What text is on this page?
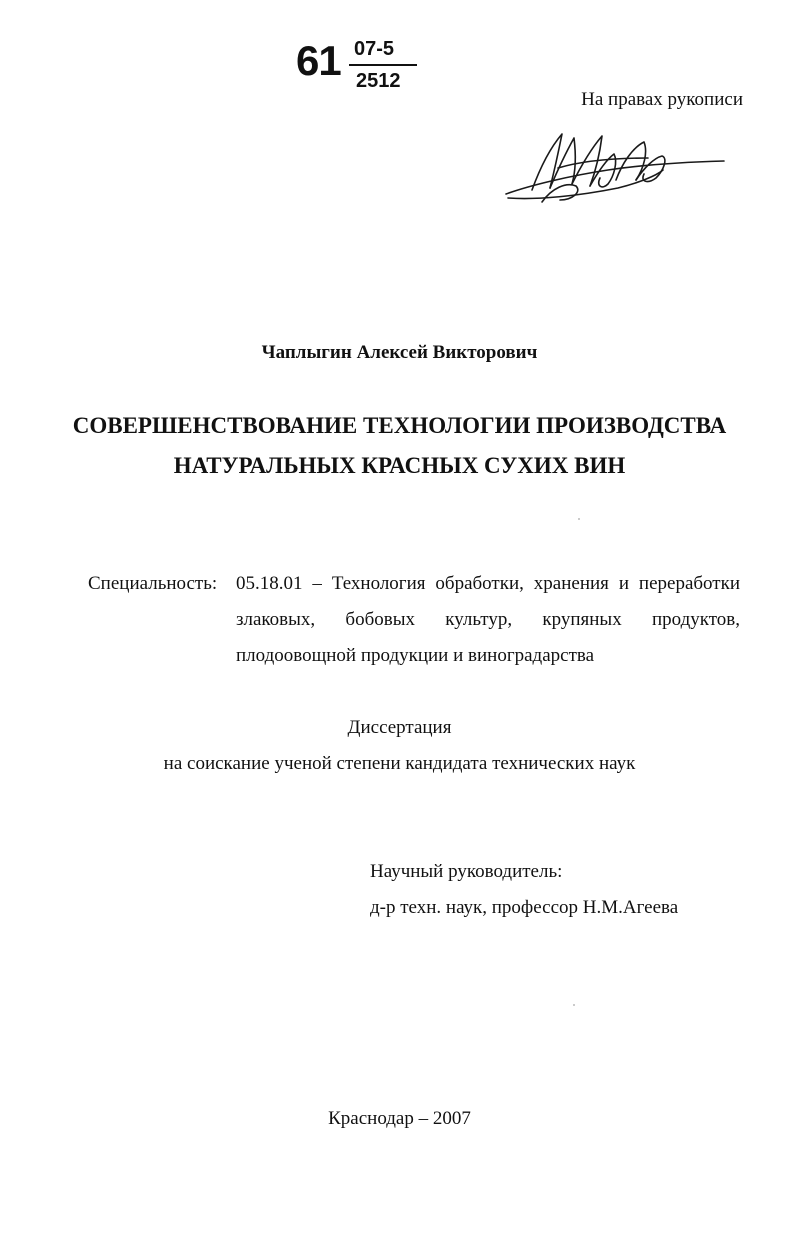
61 07-5
2512
На правах рукописи
Чаплыгин Алексей Викторович
СОВЕРШЕНСТВОВАНИЕ ТЕХНОЛОГИИ ПРОИЗВОДСТВА
НАТУРАЛЬНЫХ КРАСНЫХ СУХИХ ВИН
Специальность: 05.18.01 – Технология обработки, хранения и переработки
злаковых, бобовых культур, крупяных продуктов,
плодоовощной продукции и виноградарства
Диссертация
на соискание ученой степени кандидата технических наук
Научный руководитель:
д-р техн. наук, профессор Н.М.Агеева
Краснодар – 2007
